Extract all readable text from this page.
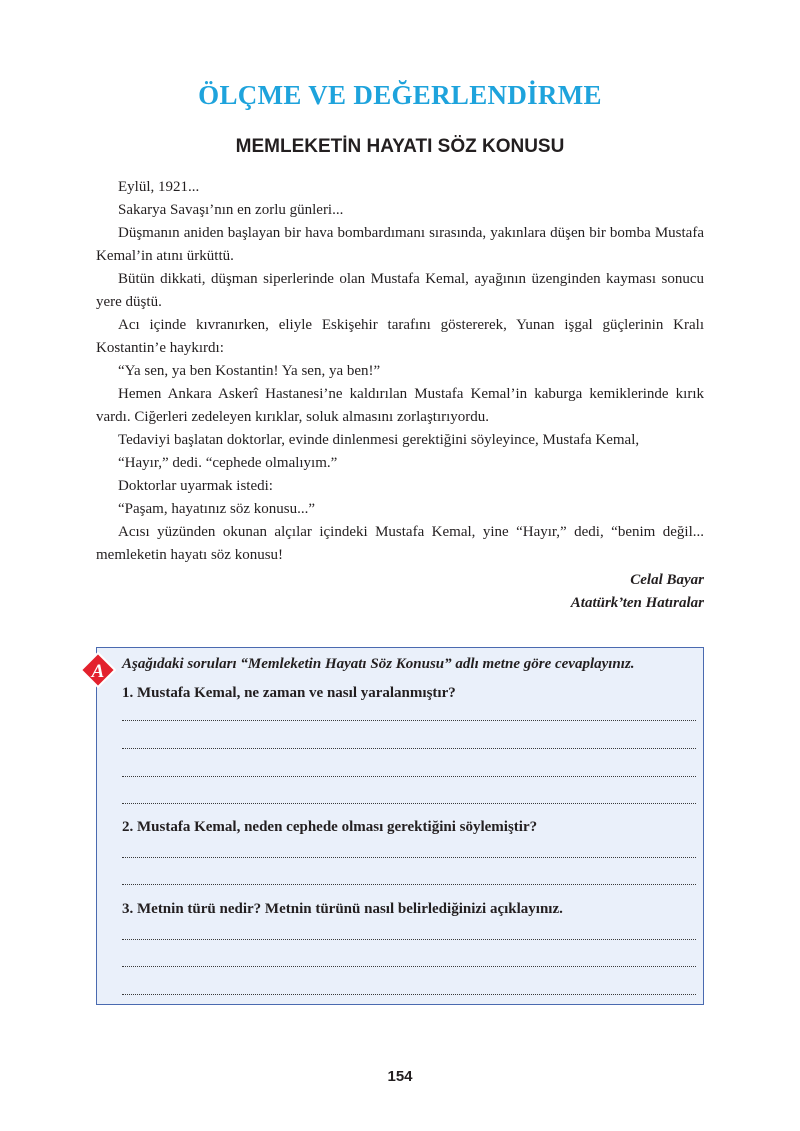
ÖLÇME VE DEĞERLENDİRME
MEMLEKETİN HAYATI SÖZ KONUSU

Eylül, 1921...

Sakarya Savaşı’nın en zorlu günleri...

Düşmanın aniden başlayan bir hava bombardımanı sırasında, yakınlara düşen bir bomba Mustafa Kemal’in atını ürküttü.

Bütün dikkati, düşman siperlerinde olan Mustafa Kemal, ayağının üzenginden kayması sonucu yere düştü.

Acı içinde kıvranırken, eliyle Eskişehir tarafını göstererek, Yunan işgal güçlerinin Kralı Kostantin’e haykırdı:

“Ya sen, ya ben Kostantin! Ya sen, ya ben!”

Hemen Ankara Askerî Hastanesi’ne kaldırılan Mustafa Kemal’in kaburga kemiklerinde kırık vardı. Ciğerleri zedeleyen kırıklar, soluk almasını zorlaştırıyordu.

Tedaviyi başlatan doktorlar, evinde dinlenmesi gerektiğini söyleyince, Mustafa Kemal,

“Hayır,” dedi. “cephede olmalıyım.”

Doktorlar uyarmak istedi:

“Paşam, hayatınız söz konusu...”

Acısı yüzünden okunan alçılar içindeki Mustafa Kemal, yine “Hayır,” dedi, “benim değil... memleketin hayatı söz konusu!

Celal Bayar
Atatürk’ten Hatıralar
A Aşağıdaki soruları “Memleketin Hayatı Söz Konusu” adlı metne göre cevaplayınız.
1. Mustafa Kemal, ne zaman ve nasıl yaralanmıştır?
2. Mustafa Kemal, neden cephede olması gerektiğini söylemiştir?
3. Metnin türü nedir? Metnin türünü nasıl belirlediğinizi açıklayınız.
154
